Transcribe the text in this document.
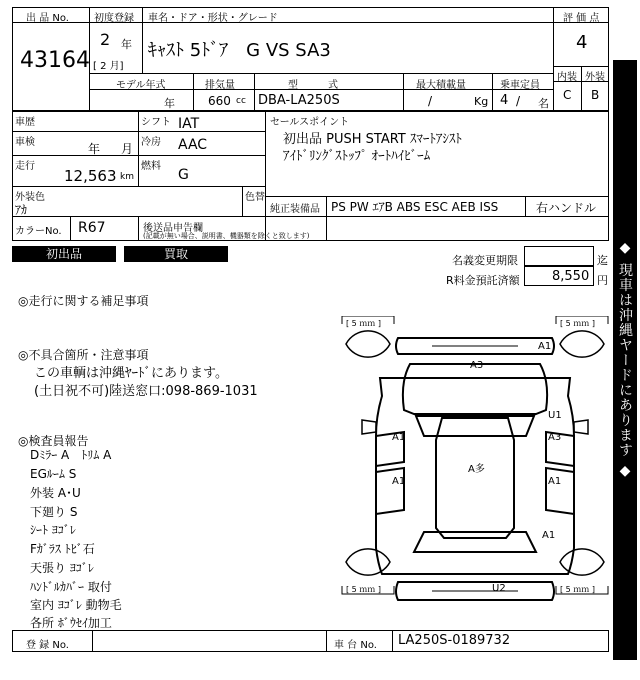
出 品 No.
43164
初度登録
2 年
[ 2 月]
車名・ドア・形状・グレード
ｷｬｽﾄ 5ﾄﾞｱ　G VS SA3
モデル年式
年
排気量
660 cc
型　　　式
DBA-LA250S
最大積載量
/	Kg
乗車定員
4 / 名
評 価 点
4
内装 外装
C B
車歴
車検	年 月
走行
12,563 km
シフト IAT
冷房 AAC
燃料
G
外装色
ｱｶ
色替
カラーNo. R67	後送品申告欄
(記載が無い場合、説明書、機器類を除くと致します)
セールスポイント
初出品 PUSH START ｽﾏｰﾄｱｼｽﾄ
ｱｲﾄﾞﾘﾝｸﾞｽﾄｯﾌﾟ ｵｰﾄﾊｲﾋﾞｰﾑ
純正装備品 PS PW ｴｱB ABS ESC AEB ISS	右ハンドル
初出品	買取	名義変更期限	迄
R料金預託済額 8,550 円
◎走行に関する補足事項
◎不具合箇所・注意事項
この車輌は沖縄ﾔｰﾄﾞにあります。
(土日祝不可)陸送窓口:098-869-1031
◎検査員報告
Dﾐﾗｰ A　ﾄﾘﾑ A
EGﾙｰﾑ S
外装 A･U
下廻り S
ｼｰﾄ ﾖｺﾞﾚ
Fｶﾞﾗｽ ﾄﾋﾞ石
天張り ﾖｺﾞﾚ
ﾊﾝﾄﾞﾙｶﾊﾞｰ 取付
室内 ﾖｺﾞﾚ 動物毛
各所 ﾎﾞｳｾｲ加工
[ 5 ｍｍ ]	[ 5 ｍｍ ]
[ 5 ｍｍ ]	[ 5 ｍｍ ]
A1
A3
U1
A1	A3
A多
A1	A1
A1
U2
登 録 No.	車 台 No. LA250S-0189732
◆ 現車は沖縄ヤードにあります ◆
